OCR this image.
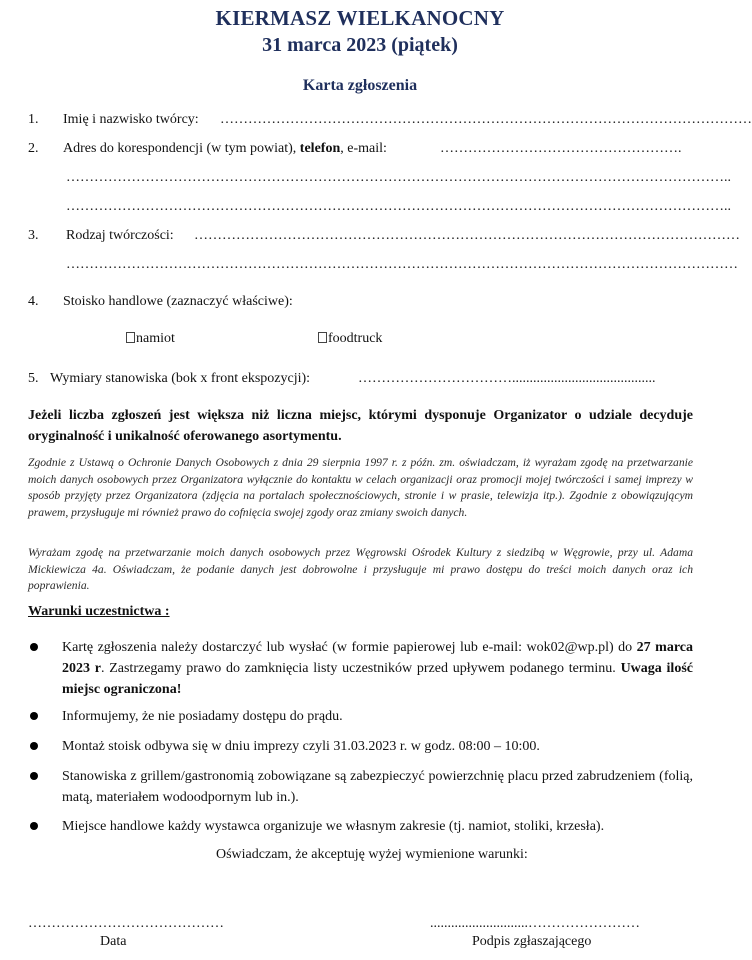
KIERMASZ WIELKANOCNY
31 marca 2023 (piątek)
Karta zgłoszenia
1. Imię i nazwisko twórcy: ……………………………………………………………………………………………………
2. Adres do korespondencji (w tym powiat), telefon, e-mail:	…………………………………………….
……………………………………………………………………………………………………………………………..
……………………………………………………………………………………………………………………………..
3. Rodzaj twórczości: ………………………………………………………………………………………………………
………………………………………………………………………………………………………………………………
4. Stoisko handlowe (zaznaczyć właściwe):
namiot	foodtruck
5. Wymiary stanowiska (bok x front ekspozycji):	…………………………….........................................
Jeżeli liczba zgłoszeń jest większa niż liczna miejsc, którymi dysponuje Organizator o udziale decyduje oryginalność i unikalność oferowanego asortymentu.
Zgodnie z Ustawą o Ochronie Danych Osobowych z dnia 29 sierpnia 1997 r. z późn. zm. oświadczam, iż wyrażam zgodę na przetwarzanie moich danych osobowych przez Organizatora wyłącznie do kontaktu w celach organizacji oraz promocji mojej twórczości i samej imprezy w sposób przyjęty przez Organizatora (zdjęcia na portalach społecznościowych, stronie i w prasie, telewizja itp.). Zgodnie z obowiązującym prawem, przysługuje mi również prawo do cofnięcia swojej zgody oraz zmiany swoich danych.
Wyrażam zgodę na przetwarzanie moich danych osobowych przez Węgrowski Ośrodek Kultury z siedzibą w Węgrowie, przy ul. Adama Mickiewicza 4a. Oświadczam, że podanie danych jest dobrowolne i przysługuje mi prawo dostępu do treści moich danych oraz ich poprawienia.
Warunki uczestnictwa :
Kartę zgłoszenia należy dostarczyć lub wysłać (w formie papierowej lub e-mail: wok02@wp.pl) do 27 marca 2023 r. Zastrzegamy prawo do zamknięcia listy uczestników przed upływem podanego terminu. Uwaga ilość miejsc ograniczona!
Informujemy, że nie posiadamy dostępu do prądu.
Montaż stoisk odbywa się w dniu imprezy czyli 31.03.2023 r. w godz. 08:00 – 10:00.
Stanowiska z grillem/gastronomią zobowiązane są zabezpieczyć powierzchnię placu przed zabrudzeniem (folią, matą, materiałem wodoodpornym lub in.).
Miejsce handlowe każdy wystawca organizuje we własnym zakresie (tj. namiot, stoliki, krzesła).
Oświadczam, że akceptuję wyżej wymienione warunki:
……………………………………
Data
............................……………………
Podpis zgłaszającego
